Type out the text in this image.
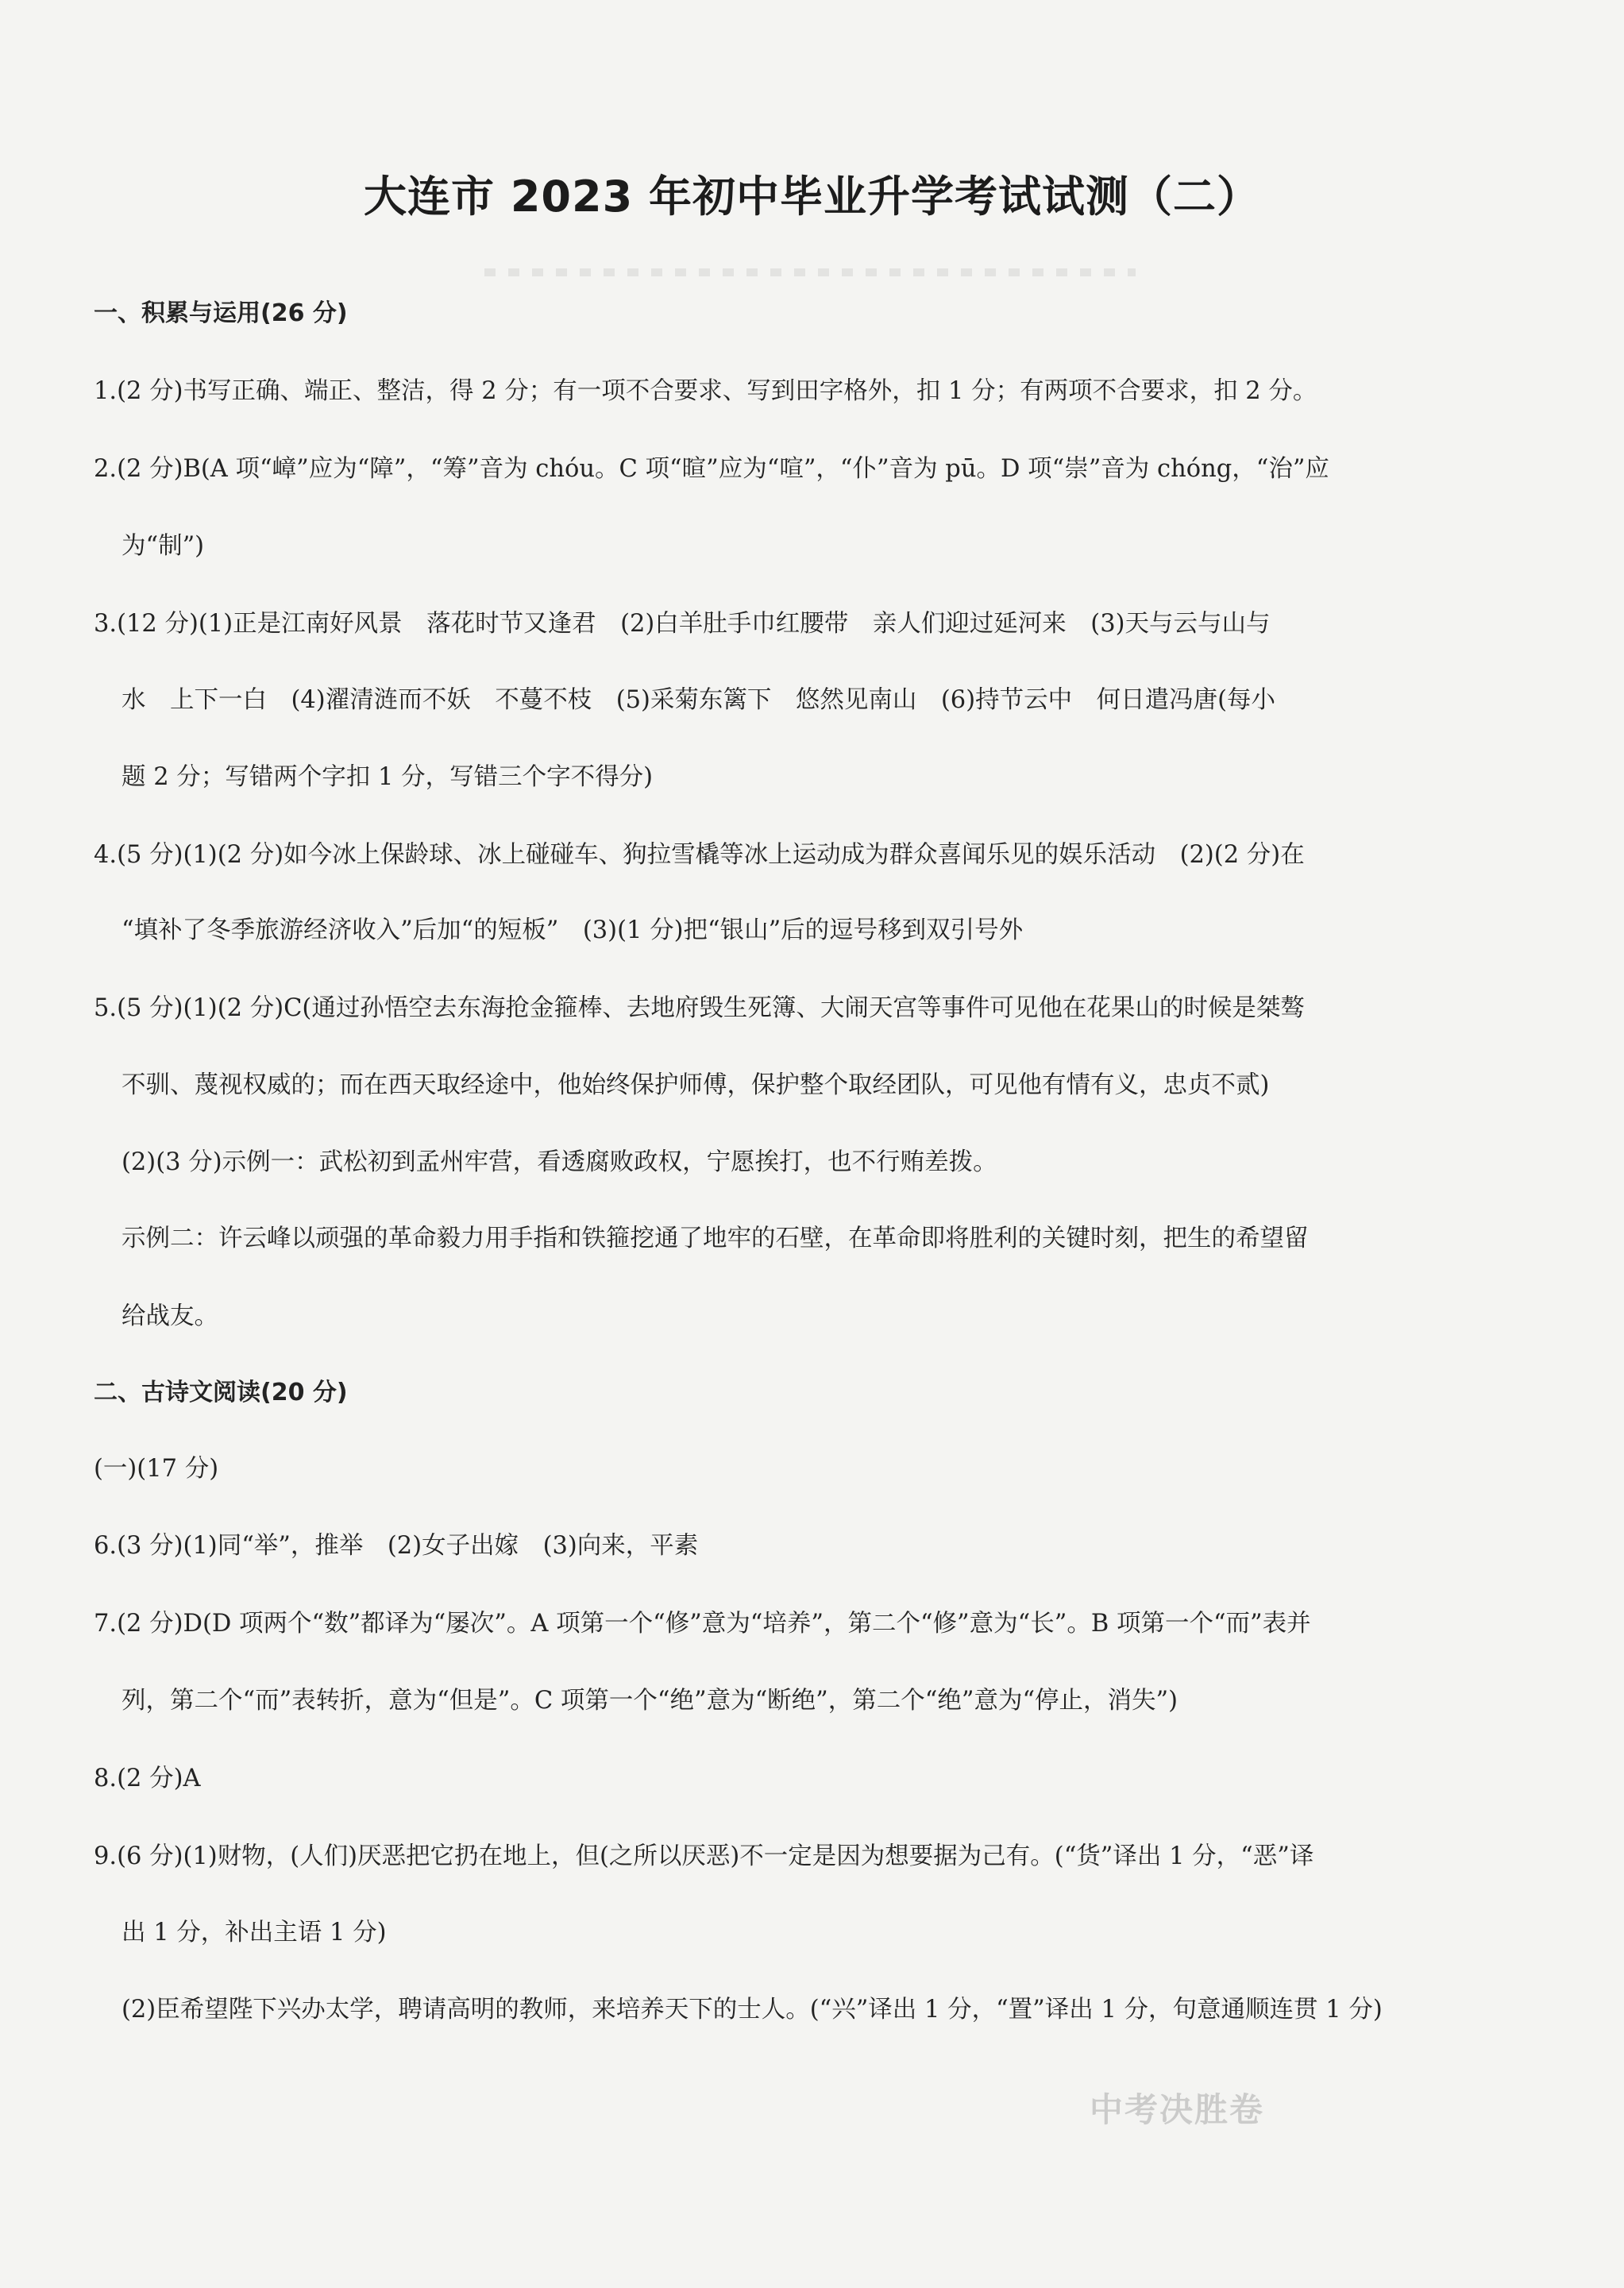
大连市 2023 年初中毕业升学考试试测（二）
一、积累与运用(26 分)
1.(2 分)书写正确、端正、整洁，得 2 分；有一项不合要求、写到田字格外，扣 1 分；有两项不合要求，扣 2 分。
2.(2 分)B(A 项“嶂”应为“障”，“筹”音为 chóu。C 项“暄”应为“喧”，“仆”音为 pū。D 项“崇”音为 chóng，“治”应
为“制”)
3.(12 分)(1)正是江南好风景　落花时节又逢君　(2)白羊肚手巾红腰带　亲人们迎过延河来　(3)天与云与山与
水　上下一白　(4)濯清涟而不妖　不蔓不枝　(5)采菊东篱下　悠然见南山　(6)持节云中　何日遣冯唐(每小
题 2 分；写错两个字扣 1 分，写错三个字不得分)
4.(5 分)(1)(2 分)如今冰上保龄球、冰上碰碰车、狗拉雪橇等冰上运动成为群众喜闻乐见的娱乐活动　(2)(2 分)在
“填补了冬季旅游经济收入”后加“的短板”　(3)(1 分)把“银山”后的逗号移到双引号外
5.(5 分)(1)(2 分)C(通过孙悟空去东海抢金箍棒、去地府毁生死簿、大闹天宫等事件可见他在花果山的时候是桀骜
不驯、蔑视权威的；而在西天取经途中，他始终保护师傅，保护整个取经团队，可见他有情有义，忠贞不贰)
(2)(3 分)示例一：武松初到孟州牢营，看透腐败政权，宁愿挨打，也不行贿差拨。
示例二：许云峰以顽强的革命毅力用手指和铁箍挖通了地牢的石壁，在革命即将胜利的关键时刻，把生的希望留
给战友。
二、古诗文阅读(20 分)
(一)(17 分)
6.(3 分)(1)同“举”，推举　(2)女子出嫁　(3)向来，平素
7.(2 分)D(D 项两个“数”都译为“屡次”。A 项第一个“修”意为“培养”，第二个“修”意为“长”。B 项第一个“而”表并
列，第二个“而”表转折，意为“但是”。C 项第一个“绝”意为“断绝”，第二个“绝”意为“停止，消失”)
8.(2 分)A
9.(6 分)(1)财物，(人们)厌恶把它扔在地上，但(之所以厌恶)不一定是因为想要据为己有。(“货”译出 1 分，“恶”译
出 1 分，补出主语 1 分)
(2)臣希望陛下兴办太学，聘请高明的教师，来培养天下的士人。(“兴”译出 1 分，“置”译出 1 分，句意通顺连贯 1 分)
中考决胜卷
